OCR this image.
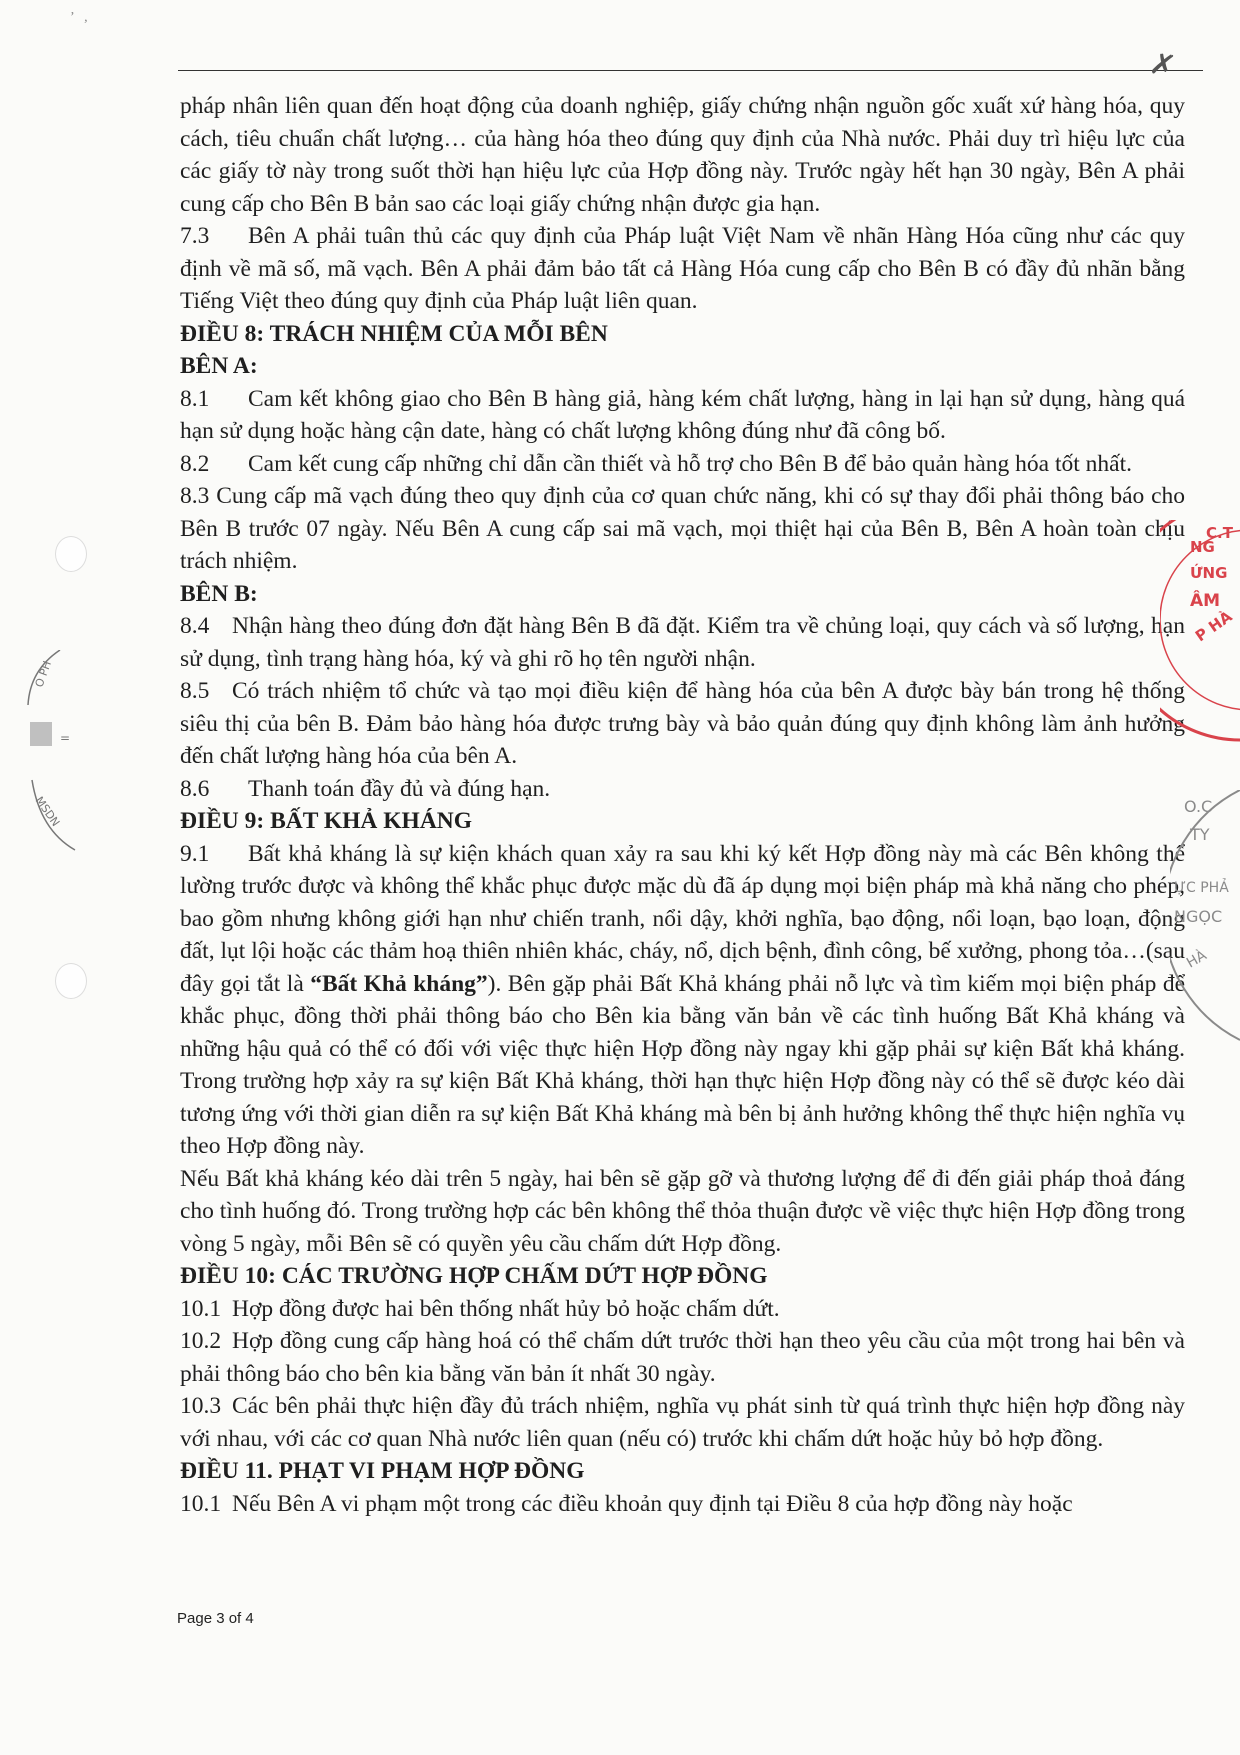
’   ,
✗

pháp nhân liên quan đến hoạt động của doanh nghiệp, giấy chứng nhận nguồn gốc xuất xứ hàng hóa, quy cách, tiêu chuẩn chất lượng… của hàng hóa theo đúng quy định của Nhà nước. Phải duy trì hiệu lực của các giấy tờ này trong suốt thời hạn hiệu lực của Hợp đồng này. Trước ngày hết hạn 30 ngày, Bên A phải cung cấp cho Bên B bản sao các loại giấy chứng nhận được gia hạn.

7.3 Bên A phải tuân thủ các quy định của Pháp luật Việt Nam về nhãn Hàng Hóa cũng như các quy định về mã số, mã vạch. Bên A phải đảm bảo tất cả Hàng Hóa cung cấp cho Bên B có đầy đủ nhãn bằng Tiếng Việt theo đúng quy định của Pháp luật liên quan.

ĐIỀU 8: TRÁCH NHIỆM CỦA MỖI BÊN

BÊN A:

8.1 Cam kết không giao cho Bên B hàng giả, hàng kém chất lượng, hàng in lại hạn sử dụng, hàng quá hạn sử dụng hoặc hàng cận date, hàng có chất lượng không đúng như đã công bố.

8.2 Cam kết cung cấp những chỉ dẫn cần thiết và hỗ trợ cho Bên B để bảo quản hàng hóa tốt nhất.

8.3 Cung cấp mã vạch đúng theo quy định của cơ quan chức năng, khi có sự thay đổi phải thông báo cho Bên B trước 07 ngày. Nếu Bên A cung cấp sai mã vạch, mọi thiệt hại của Bên B, Bên A hoàn toàn chịu trách nhiệm.

BÊN B:

8.4 Nhận hàng theo đúng đơn đặt hàng Bên B đã đặt. Kiểm tra về chủng loại, quy cách và số lượng, hạn sử dụng, tình trạng hàng hóa, ký và ghi rõ họ tên người nhận.

8.5 Có trách nhiệm tổ chức và tạo mọi điều kiện để hàng hóa của bên A được bày bán trong hệ thống siêu thị của bên B. Đảm bảo hàng hóa được trưng bày và bảo quản đúng quy định không làm ảnh hưởng đến chất lượng hàng hóa của bên A.

8.6 Thanh toán đầy đủ và đúng hạn.

ĐIỀU 9: BẤT KHẢ KHÁNG

9.1 Bất khả kháng là sự kiện khách quan xảy ra sau khi ký kết Hợp đồng này mà các Bên không thể lường trước được và không thể khắc phục được mặc dù đã áp dụng mọi biện pháp mà khả năng cho phép, bao gồm nhưng không giới hạn như chiến tranh, nổi dậy, khởi nghĩa, bạo động, nổi loạn, bạo loạn, động đất, lụt lội hoặc các thảm hoạ thiên nhiên khác, cháy, nổ, dịch bệnh, đình công, bế xưởng, phong tỏa…(sau đây gọi tắt là “Bất Khả kháng”). Bên gặp phải Bất Khả kháng phải nỗ lực và tìm kiếm mọi biện pháp để khắc phục, đồng thời phải thông báo cho Bên kia bằng văn bản về các tình huống Bất Khả kháng và những hậu quả có thể có đối với việc thực hiện Hợp đồng này ngay khi gặp phải sự kiện Bất khả kháng. Trong trường hợp xảy ra sự kiện Bất Khả kháng, thời hạn thực hiện Hợp đồng này có thể sẽ được kéo dài tương ứng với thời gian diễn ra sự kiện Bất Khả kháng mà bên bị ảnh hưởng không thể thực hiện nghĩa vụ theo Hợp đồng này.

Nếu Bất khả kháng kéo dài trên 5 ngày, hai bên sẽ gặp gỡ và thương lượng để đi đến giải pháp thoả đáng cho tình huống đó. Trong trường hợp các bên không thể thỏa thuận được về việc thực hiện Hợp đồng trong vòng 5 ngày, mỗi Bên sẽ có quyền yêu cầu chấm dứt Hợp đồng.

ĐIỀU 10: CÁC TRƯỜNG HỢP CHẤM DỨT HỢP ĐỒNG

10.1 Hợp đồng được hai bên thống nhất hủy bỏ hoặc chấm dứt.

10.2 Hợp đồng cung cấp hàng hoá có thể chấm dứt trước thời hạn theo yêu cầu của một trong hai bên và phải thông báo cho bên kia bằng văn bản ít nhất 30 ngày.

10.3 Các bên phải thực hiện đầy đủ trách nhiệm, nghĩa vụ phát sinh từ quá trình thực hiện hợp đồng này với nhau, với các cơ quan Nhà nước liên quan (nếu có) trước khi chấm dứt hoặc hủy bỏ hợp đồng.

ĐIỀU 11. PHẠT VI PHẠM HỢP ĐỒNG

10.1 Nếu Bên A vi phạm một trong các điều khoản quy định tại Điều 8 của hợp đồng này hoặc

O PH
=
MSDN
C.T
NG
ỨNG
ÂM
P HÀ
O.C
TY
ỰC PHẢ
NGỌC
HÀ
Page 3 of 4
